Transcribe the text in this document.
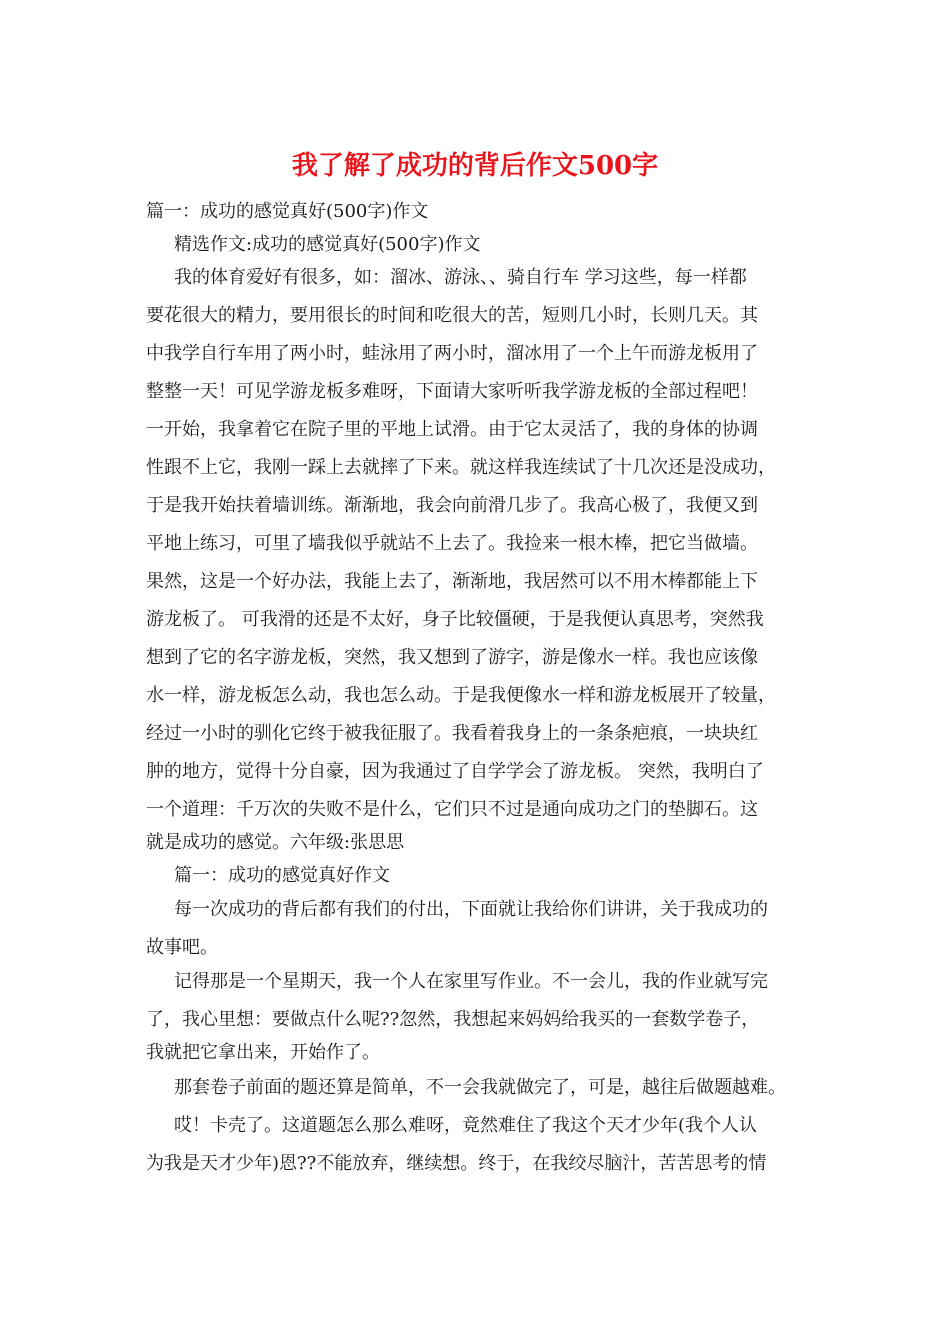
我了解了成功的背后作文500字

篇一：成功的感觉真好(500字)作文

精选作文:成功的感觉真好(500字)作文

我的体育爱好有很多，如：溜冰、游泳、、骑自行车 学习这些，每一样都

要花很大的精力，要用很长的时间和吃很大的苦，短则几小时，长则几天。其

中我学自行车用了两小时，蛙泳用了两小时，溜冰用了一个上午而游龙板用了

整整一天！可见学游龙板多难呀，下面请大家听听我学游龙板的全部过程吧！

一开始，我拿着它在院子里的平地上试滑。由于它太灵活了，我的身体的协调

性跟不上它，我刚一踩上去就摔了下来。就这样我连续试了十几次还是没成功，

于是我开始扶着墙训练。渐渐地，我会向前滑几步了。我高心极了，我便又到

平地上练习，可里了墙我似乎就站不上去了。我捡来一根木棒，把它当做墙。

果然，这是一个好办法，我能上去了，渐渐地，我居然可以不用木棒都能上下

游龙板了。 可我滑的还是不太好，身子比较僵硬，于是我便认真思考，突然我

想到了它的名字游龙板，突然，我又想到了游字，游是像水一样。我也应该像

水一样，游龙板怎么动，我也怎么动。于是我便像水一样和游龙板展开了较量，

经过一小时的驯化它终于被我征服了。我看着我身上的一条条疤痕，一块块红

肿的地方，觉得十分自豪，因为我通过了自学学会了游龙板。 突然，我明白了

一个道理：千万次的失败不是什么，它们只不过是通向成功之门的垫脚石。这

就是成功的感觉。六年级:张思思

篇一：成功的感觉真好作文

每一次成功的背后都有我们的付出，下面就让我给你们讲讲，关于我成功的

故事吧。

记得那是一个星期天，我一个人在家里写作业。不一会儿，我的作业就写完

了，我心里想：要做点什么呢??忽然，我想起来妈妈给我买的一套数学卷子，

我就把它拿出来，开始作了。

那套卷子前面的题还算是简单，不一会我就做完了，可是，越往后做题越难。

哎！卡壳了。这道题怎么那么难呀，竟然难住了我这个天才少年(我个人认

为我是天才少年)恩??不能放弃，继续想。终于，在我绞尽脑汁，苦苦思考的情
